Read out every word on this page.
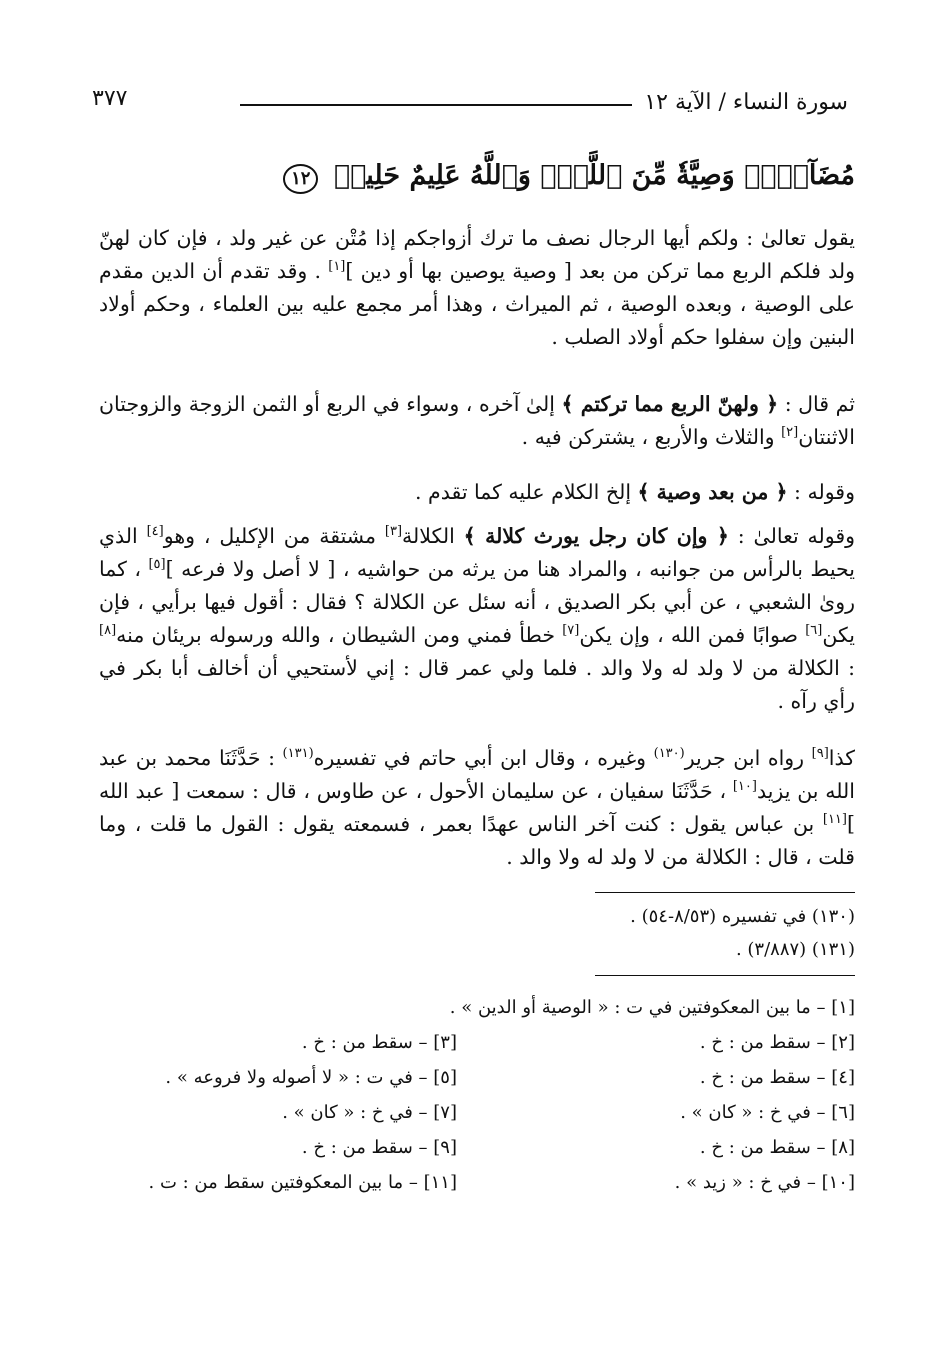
سورة النساء / الآية ١٢
٣٧٧
مُضَآرٍّۚ وَصِيَّةٗ مِّنَ ٱللَّهِۗ وَٱللَّهُ عَلِيمٌ حَلِيمٞ ١٢

يقول تعالىٰ : ولكم أيها الرجال نصف ما ترك أزواجكم إذا مُتْن عن غير ولد ، فإن كان لهنّ ولد فلكم الربع مما تركن من بعد [ وصية يوصين بها أو دين ][١] . وقد تقدم أن الدين مقدم على الوصية ، وبعده الوصية ، ثم الميراث ، وهذا أمر مجمع عليه بين العلماء ، وحكم أولاد البنين وإن سفلوا حكم أولاد الصلب .

ثم قال : ﴿ ولهنّ الربع مما تركتم ﴾ إلىٰ آخره ، وسواء في الربع أو الثمن الزوجة والزوجتان الاثنتان[٢] والثلاث والأربع ، يشتركن فيه .

وقوله : ﴿ من بعد وصية ﴾ إلخ الكلام عليه كما تقدم .

وقوله تعالىٰ : ﴿ وإن كان رجل يورث كلالة ﴾ الكلالة[٣] مشتقة من الإكليل ، وهو[٤] الذي يحيط بالرأس من جوانبه ، والمراد هنا من يرثه من حواشيه ، [ لا أصل ولا فرعه ][٥] ، كما روىٰ الشعبي ، عن أبي بكر الصديق ، أنه سئل عن الكلالة ؟ فقال : أقول فيها برأيي ، فإن يكن[٦] صوابًا فمن الله ، وإن يكن[٧] خطأ فمني ومن الشيطان ، والله ورسوله بريئان منه[٨] : الكلالة من لا ولد له ولا والد . فلما ولي عمر قال : إني لأستحيي أن أخالف أبا بكر في رأي رآه .

كذا[٩] رواه ابن جرير$^{(١٣٠)}$ وغيره ، وقال ابن أبي حاتم في تفسيره$^{(١٣١)}$ : حَدَّثَنَا محمد بن عبد الله بن يزيد[١٠] ، حَدَّثَنَا سفيان ، عن سليمان الأحول ، عن طاوس ، قال : سمعت [ عبد الله ][١١] بن عباس يقول : كنت آخر الناس عهدًا بعمر ، فسمعته يقول : القول ما قلت ، وما قلت ، قال : الكلالة من لا ولد له ولا والد .

(١٣٠) في تفسيره (٨/٥٣-٥٤) .
(١٣١) (٣/٨٨٧) .
[١] – ما بين المعكوفتين في ت : « الوصية أو الدين » .
[٢] – سقط من : خ .
[٣] – سقط من : خ .
[٤] – سقط من : خ .
[٥] – في ت : « لا أصوله ولا فروعه » .
[٦] – في خ : « كان » .
[٧] – في خ : « كان » .
[٨] – سقط من : خ .
[٩] – سقط من : خ .
[١٠] – في خ : « زيد » .
[١١] – ما بين المعكوفتين سقط من : ت .
